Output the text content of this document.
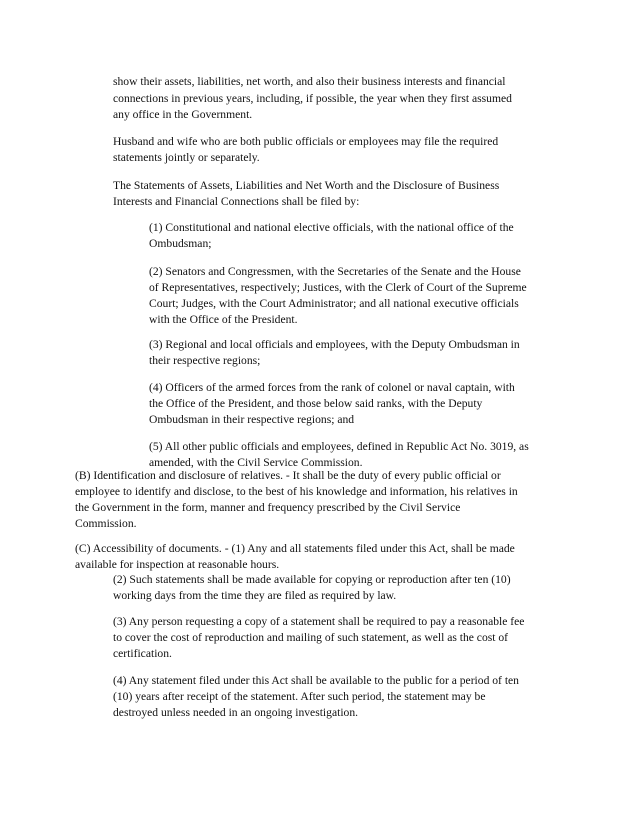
show their assets, liabilities, net worth, and also their business interests and financial
connections in previous years, including, if possible, the year when they first assumed
any office in the Government.
Husband and wife who are both public officials or employees may file the required
statements jointly or separately.
The Statements of Assets, Liabilities and Net Worth and the Disclosure of Business
Interests and Financial Connections shall be filed by:
(1) Constitutional and national elective officials, with the national office of the
Ombudsman;
(2) Senators and Congressmen, with the Secretaries of the Senate and the House
of Representatives, respectively; Justices, with the Clerk of Court of the Supreme
Court; Judges, with the Court Administrator; and all national executive officials
with the Office of the President.
(3) Regional and local officials and employees, with the Deputy Ombudsman in
their respective regions;
(4) Officers of the armed forces from the rank of colonel or naval captain, with
the Office of the President, and those below said ranks, with the Deputy
Ombudsman in their respective regions; and
(5) All other public officials and employees, defined in Republic Act No. 3019, as
amended, with the Civil Service Commission.
(B) Identification and disclosure of relatives. - It shall be the duty of every public official or
employee to identify and disclose, to the best of his knowledge and information, his relatives in
the Government in the form, manner and frequency prescribed by the Civil Service
Commission.
(C) Accessibility of documents. - (1) Any and all statements filed under this Act, shall be made
available for inspection at reasonable hours.
(2) Such statements shall be made available for copying or reproduction after ten (10)
working days from the time they are filed as required by law.
(3) Any person requesting a copy of a statement shall be required to pay a reasonable fee
to cover the cost of reproduction and mailing of such statement, as well as the cost of
certification.
(4) Any statement filed under this Act shall be available to the public for a period of ten
(10) years after receipt of the statement. After such period, the statement may be
destroyed unless needed in an ongoing investigation.
